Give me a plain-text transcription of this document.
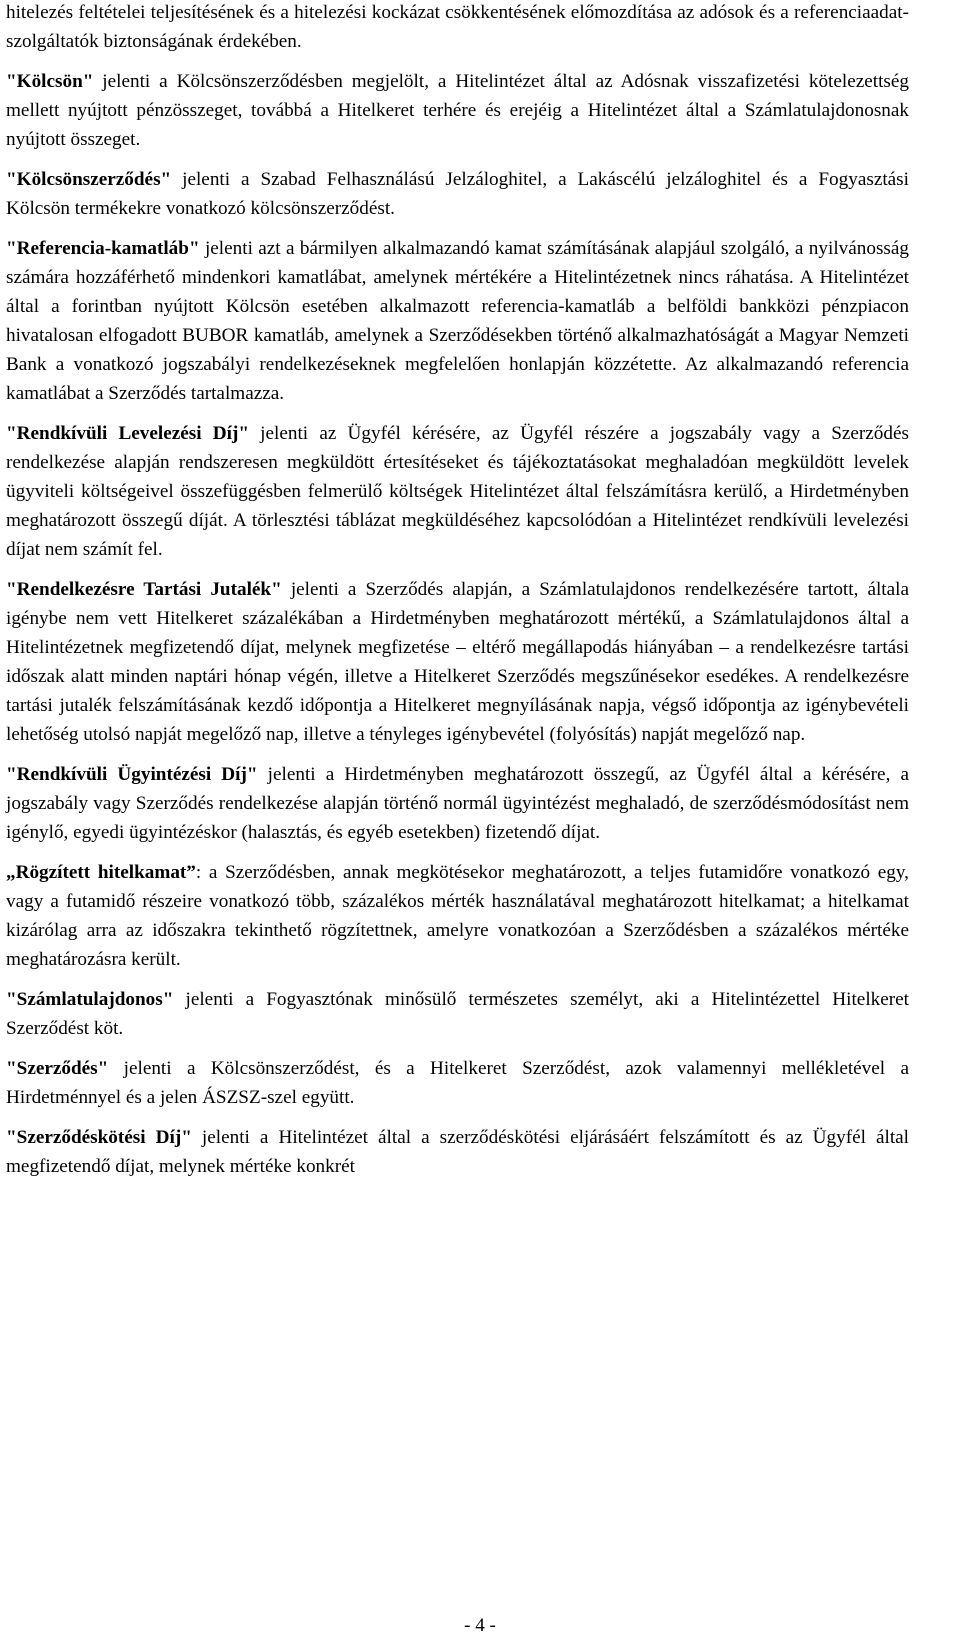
hitelezés feltételei teljesítésének és a hitelezési kockázat csökkentésének előmozdítása az adósok és a referenciaadat-szolgáltatók biztonságának érdekében.

"Kölcsön" jelenti a Kölcsönszerződésben megjelölt, a Hitelintézet által az Adósnak visszafizetési kötelezettség mellett nyújtott pénzösszeget, továbbá a Hitelkeret terhére és erejéig a Hitelintézet által a Számlatulajdonosnak nyújtott összeget.

"Kölcsönszerződés" jelenti a Szabad Felhasználású Jelzáloghitel, a Lakáscélú jelzáloghitel és a Fogyasztási Kölcsön termékekre vonatkozó kölcsönszerződést.

"Referencia-kamatláb" jelenti azt a bármilyen alkalmazandó kamat számításának alapjául szolgáló, a nyilvánosság számára hozzáférhető mindenkori kamatlábat, amelynek mértékére a Hitelintézetnek nincs ráhatása. A Hitelintézet által a forintban nyújtott Kölcsön esetében alkalmazott referencia-kamatláb a belföldi bankközi pénzpiacon hivatalosan elfogadott BUBOR kamatláb, amelynek a Szerződésekben történő alkalmazhatóságát a Magyar Nemzeti Bank a vonatkozó jogszabályi rendelkezéseknek megfelelően honlapján közzétette. Az alkalmazandó referencia kamatlábat a Szerződés tartalmazza.

"Rendkívüli Levelezési Díj" jelenti az Ügyfél kérésére, az Ügyfél részére a jogszabály vagy a Szerződés rendelkezése alapján rendszeresen megküldött értesítéseket és tájékoztatásokat meghaladóan megküldött levelek ügyviteli költségeivel összefüggésben felmerülő költségek Hitelintézet által felszámításra kerülő, a Hirdetményben meghatározott összegű díját. A törlesztési táblázat megküldéséhez kapcsolódóan a Hitelintézet rendkívüli levelezési díjat nem számít fel.

"Rendelkezésre Tartási Jutalék" jelenti a Szerződés alapján, a Számlatulajdonos rendelkezésére tartott, általa igénybe nem vett Hitelkeret százalékában a Hirdetményben meghatározott mértékű, a Számlatulajdonos által a Hitelintézetnek megfizetendő díjat, melynek megfizetése – eltérő megállapodás hiányában – a rendelkezésre tartási időszak alatt minden naptári hónap végén, illetve a Hitelkeret Szerződés megszűnésekor esedékes. A rendelkezésre tartási jutalék felszámításának kezdő időpontja a Hitelkeret megnyílásának napja, végső időpontja az igénybevételi lehetőség utolsó napját megelőző nap, illetve a tényleges igénybevétel (folyósítás) napját megelőző nap.

"Rendkívüli Ügyintézési Díj" jelenti a Hirdetményben meghatározott összegű, az Ügyfél által a kérésére, a jogszabály vagy Szerződés rendelkezése alapján történő normál ügyintézést meghaladó, de szerződésmódosítást nem igénylő, egyedi ügyintézéskor (halasztás, és egyéb esetekben) fizetendő díjat.

„Rögzített hitelkamat”: a Szerződésben, annak megkötésekor meghatározott, a teljes futamidőre vonatkozó egy, vagy a futamidő részeire vonatkozó több, százalékos mérték használatával meghatározott hitelkamat; a hitelkamat kizárólag arra az időszakra tekinthető rögzítettnek, amelyre vonatkozóan a Szerződésben a százalékos mértéke meghatározásra került.

"Számlatulajdonos" jelenti a Fogyasztónak minősülő természetes személyt, aki a Hitelintézettel Hitelkeret Szerződést köt.

"Szerződés" jelenti a Kölcsönszerződést, és a Hitelkeret Szerződést, azok valamennyi mellékletével a Hirdetménnyel és a jelen ÁSZSZ-szel együtt.

"Szerződéskötési Díj" jelenti a Hitelintézet által a szerződéskötési eljárásáért felszámított és az Ügyfél által megfizetendő díjat, melynek mértéke konkrét

- 4 -
